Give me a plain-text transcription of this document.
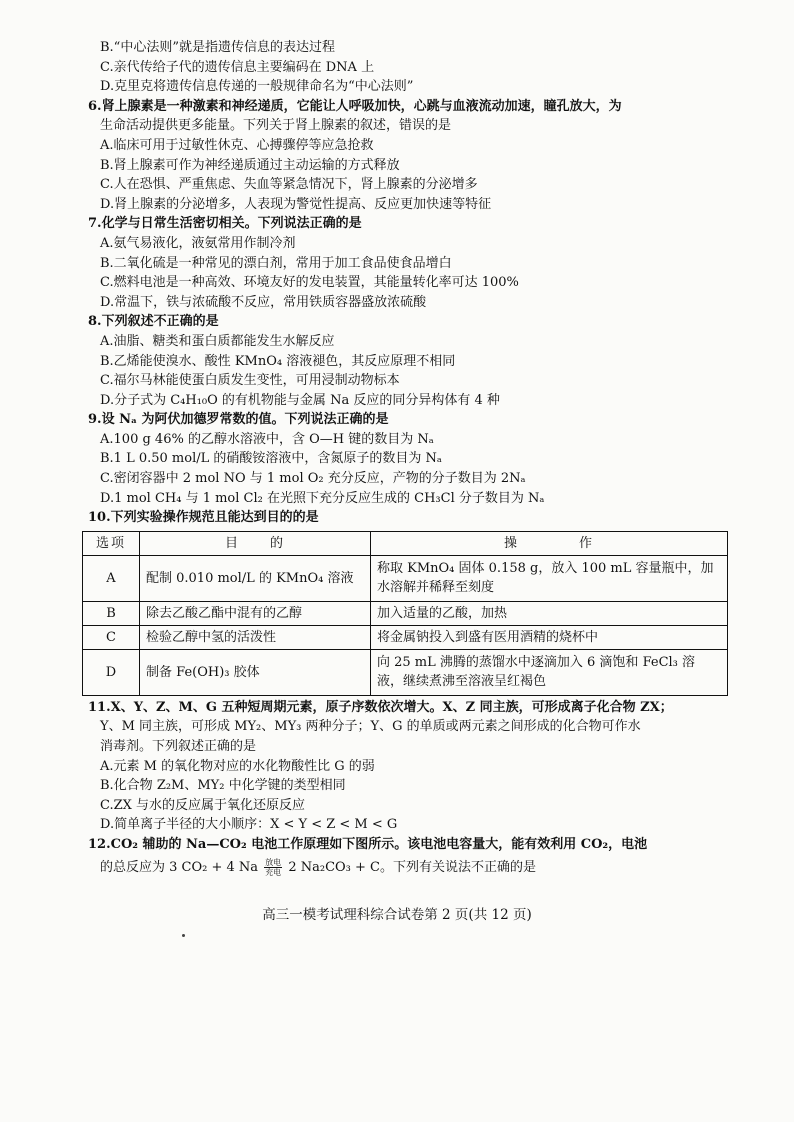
B.“中心法则”就是指遗传信息的表达过程
C.亲代传给子代的遗传信息主要编码在 DNA 上
D.克里克将遗传信息传递的一般规律命名为“中心法则”
6.肾上腺素是一种激素和神经递质，它能让人呼吸加快，心跳与血液流动加速，瞳孔放大，为
生命活动提供更多能量。下列关于肾上腺素的叙述，错误的是
A.临床可用于过敏性休克、心搏骤停等应急抢救
B.肾上腺素可作为神经递质通过主动运输的方式释放
C.人在恐惧、严重焦虑、失血等紧急情况下，肾上腺素的分泌增多
D.肾上腺素的分泌增多，人表现为警觉性提高、反应更加快速等特征
7.化学与日常生活密切相关。下列说法正确的是
A.氨气易液化，液氨常用作制冷剂
B.二氧化硫是一种常见的漂白剂，常用于加工食品使食品增白
C.燃料电池是一种高效、环境友好的发电装置，其能量转化率可达 100%
D.常温下，铁与浓硫酸不反应，常用铁质容器盛放浓硫酸
8.下列叙述不正确的是
A.油脂、糖类和蛋白质都能发生水解反应
B.乙烯能使溴水、酸性 KMnO₄ 溶液褪色，其反应原理不相同
C.福尔马林能使蛋白质发生变性，可用浸制动物标本
D.分子式为 C₄H₁₀O 的有机物能与金属 Na 反应的同分异构体有 4 种
9.设 Nₐ 为阿伏加德罗常数的值。下列说法正确的是
A.100 g 46% 的乙醇水溶液中，含 O—H 键的数目为 Nₐ
B.1 L 0.50 mol/L 的硝酸铵溶液中，含氮原子的数目为 Nₐ
C.密闭容器中 2 mol NO 与 1 mol O₂ 充分反应，产物的分子数目为 2Nₐ
D.1 mol CH₄ 与 1 mol Cl₂ 在光照下充分反应生成的 CH₃Cl 分子数目为 Nₐ
10.下列实验操作规范且能达到目的的是
选项	目　　的	操　　　　作
A	配制 0.010 mol/L 的 KMnO₄ 溶液	称取 KMnO₄ 固体 0.158 g，放入 100 mL 容量瓶中，加水溶解并稀释至刻度
B	除去乙酸乙酯中混有的乙醇	加入适量的乙酸，加热
C	检验乙醇中氢的活泼性	将金属钠投入到盛有医用酒精的烧杯中
D	制备 Fe(OH)₃ 胶体	向 25 mL 沸腾的蒸馏水中逐滴加入 6 滴饱和 FeCl₃ 溶液，继续煮沸至溶液呈红褐色
11.X、Y、Z、M、G 五种短周期元素，原子序数依次增大。X、Z 同主族，可形成离子化合物 ZX；
Y、M 同主族，可形成 MY₂、MY₃ 两种分子；Y、G 的单质或两元素之间形成的化合物可作水
消毒剂。下列叙述正确的是
A.元素 M 的氧化物对应的水化物酸性比 G 的弱
B.化合物 Z₂M、MY₂ 中化学键的类型相同
C.ZX 与水的反应属于氧化还原反应
D.简单离子半径的大小顺序：X < Y < Z < M < G
12.CO₂ 辅助的 Na—CO₂ 电池工作原理如下图所示。该电池电容量大，能有效利用 CO₂，电池
的总反应为 3 CO₂ + 4 Na $\frac{\text{放电}}{\text{充电}} 2$ Na₂CO₃ + C。下列有关说法不正确的是
高三一模考试理科综合试卷第 2 页(共 12 页)
